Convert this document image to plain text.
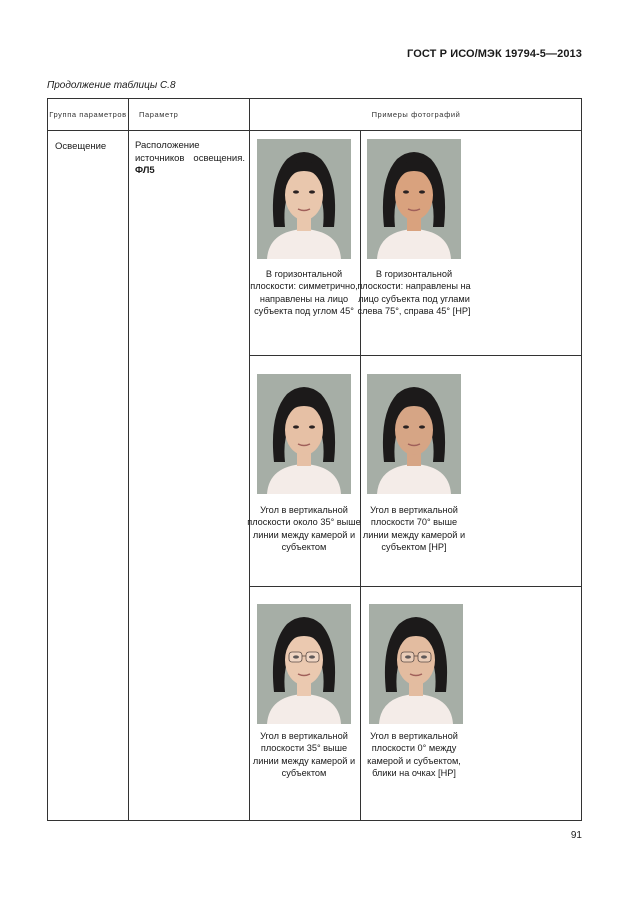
ГОСТ Р ИСО/МЭК 19794-5—2013
Продолжение таблицы С.8
Группа параметров Параметр	Примеры фотографий
Освещение	Расположение источников освещения.
ФЛ5
В горизонтальной плоскости: симметрично, направлены на лицо субъекта под углом 45°
В горизонтальной плоскости: направлены на лицо субъекта под углами слева 75°, справа 45° [НР]
Угол в вертикальной плоскости около 35° выше линии между камерой и субъектом
Угол в вертикальной плоскости 70° выше линии между камерой и субъектом [НР]
Угол в вертикальной плоскости 35° выше линии между камерой и субъектом
Угол в вертикальной плоскости 0° между камерой и субъектом, блики на очках [НР]
91
